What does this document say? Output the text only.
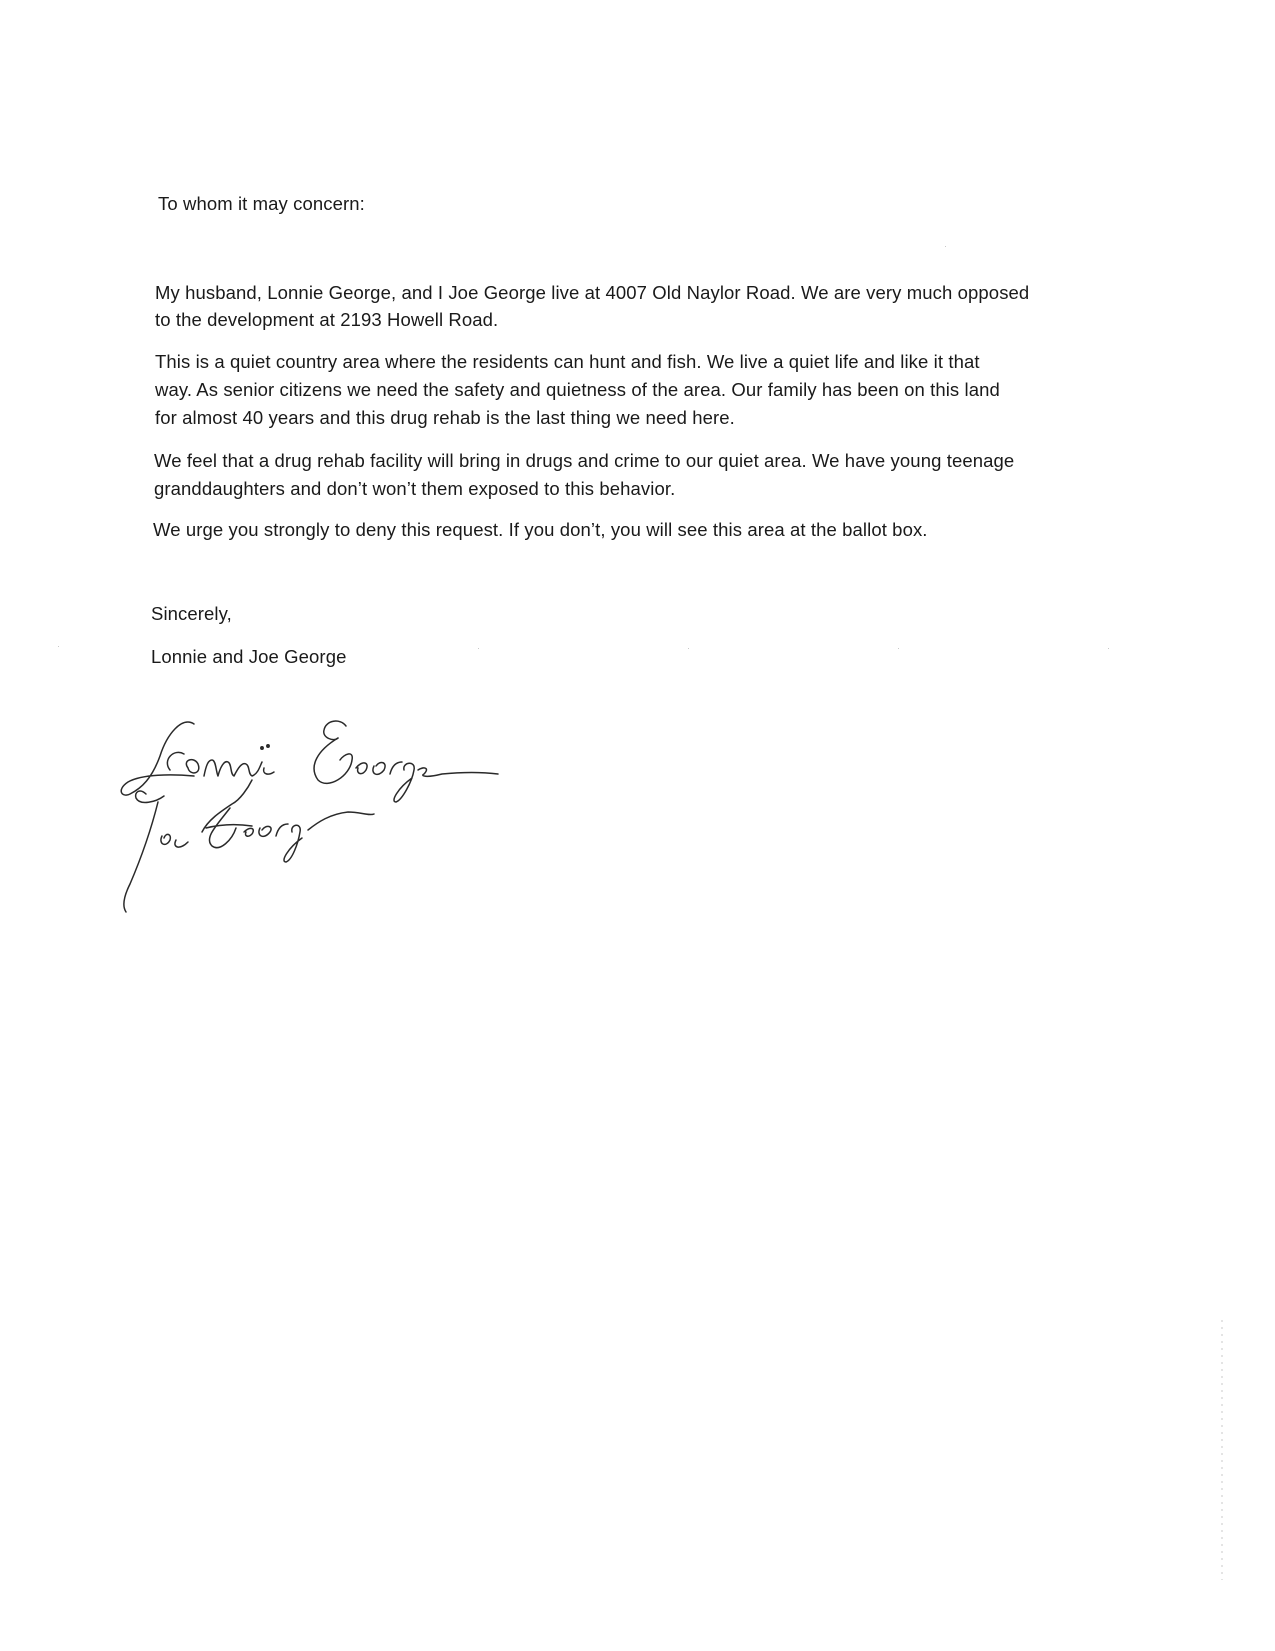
To whom it may concern:
My husband, Lonnie George, and I Joe George live at 4007 Old Naylor Road. We are very much opposed
to the development at 2193 Howell Road.
This is a quiet country area where the residents can hunt and fish. We live a quiet life and like it that
way. As senior citizens we need the safety and quietness of the area. Our family has been on this land
for almost 40 years and this drug rehab is the last thing we need here.
We feel that a drug rehab facility will bring in drugs and crime to our quiet area. We have young teenage
granddaughters and don’t won’t them exposed to this behavior.
We urge you strongly to deny this request. If you don’t, you will see this area at the ballot box.
Sincerely,
Lonnie and Joe George
